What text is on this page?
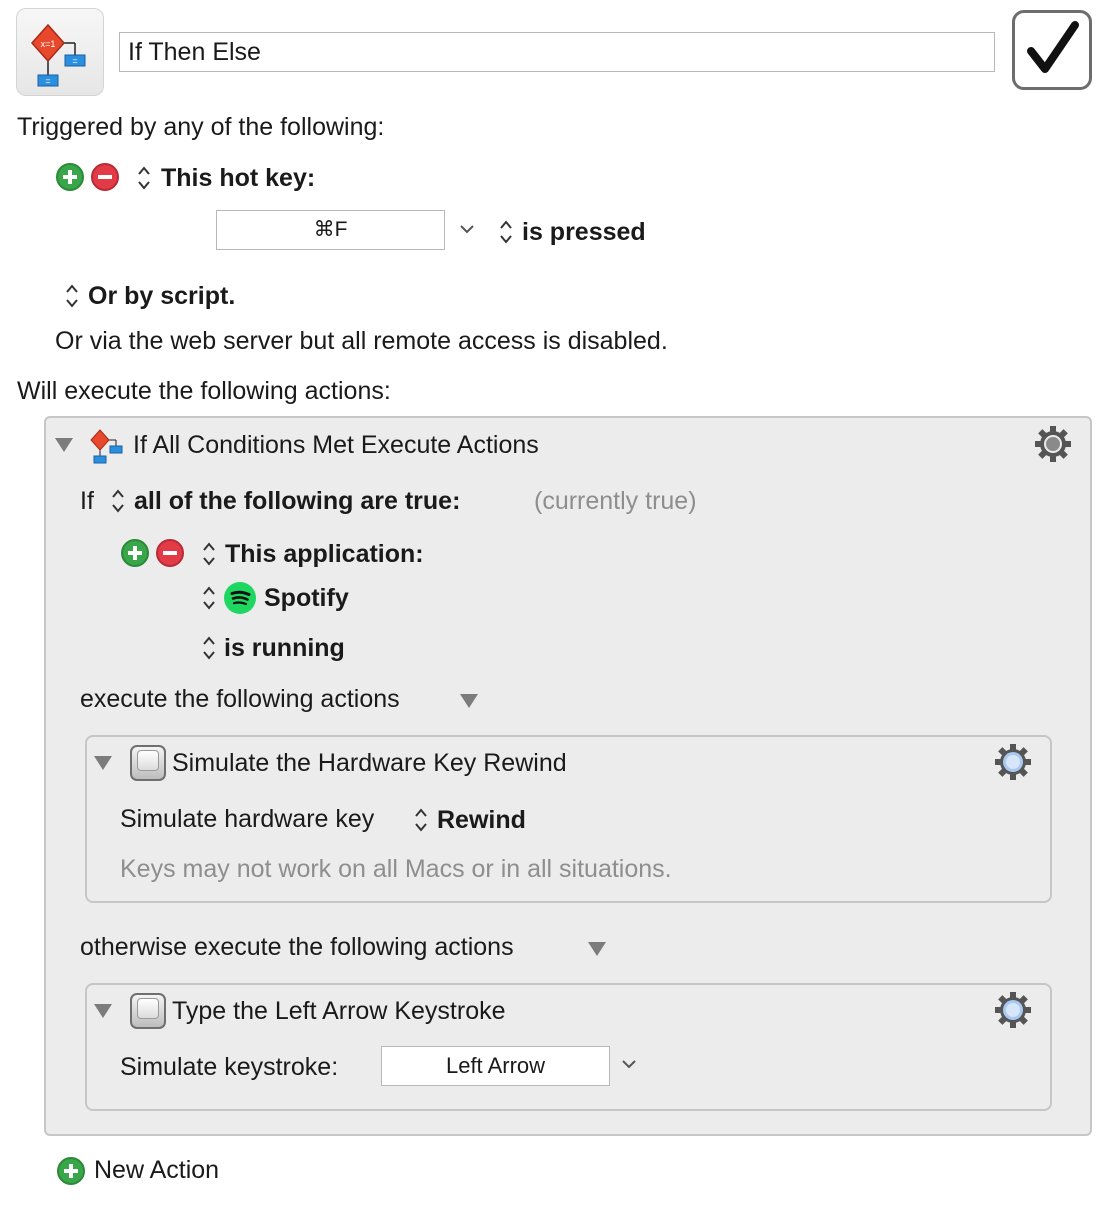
x=1
=
=
If Then Else
Triggered by any of the following:
This hot key:
⌘F	is pressed
Or by script.
Or via the web server but all remote access is disabled.
Will execute the following actions:
If All Conditions Met Execute Actions
If all of the following are true:	(currently true)
This application:
Spotify
is running
execute the following actions
Simulate the Hardware Key Rewind
Simulate hardware key	Rewind
Keys may not work on all Macs or in all situations.
otherwise execute the following actions
Type the Left Arrow Keystroke
Simulate keystroke:	Left Arrow
New Action
